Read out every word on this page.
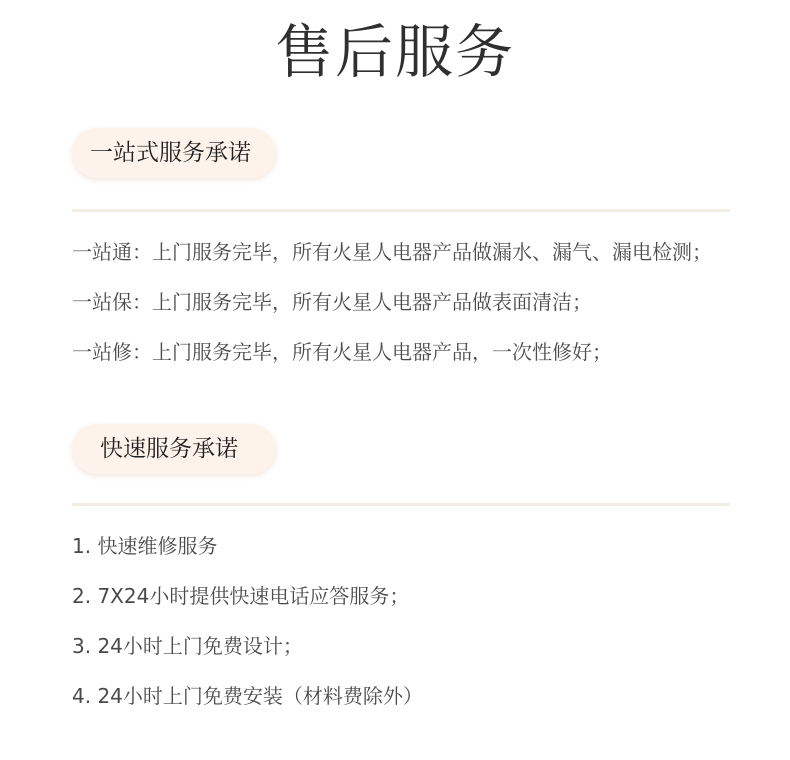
售后服务
一站式服务承诺
一站通：上门服务完毕，所有火星人电器产品做漏水、漏气、漏电检测；
一站保：上门服务完毕，所有火星人电器产品做表面清洁；
一站修：上门服务完毕，所有火星人电器产品，一次性修好；
快速服务承诺
1. 快速维修服务
2. 7X24小时提供快速电话应答服务；
3. 24小时上门免费设计；
4. 24小时上门免费安装（材料费除外）
